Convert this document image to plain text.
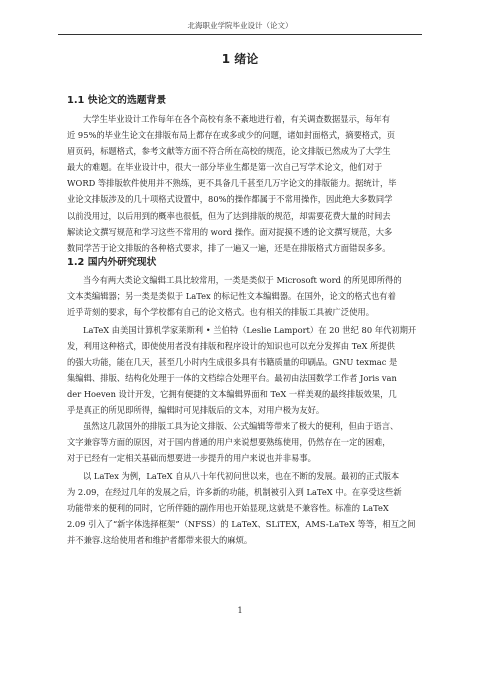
北海职业学院毕业设计（论文）
1 绪论
1.1 快论文的选题背景
大学生毕业设计工作每年在各个高校有条不紊地进行着，有关调查数据显示，每年有
近 95%的毕业生论文在排版布局上都存在或多或少的问题，诸如封面格式，摘要格式，页
眉页码，标题格式，参考文献等方面不符合所在高校的规范，论文排版已然成为了大学生
最大的难题。在毕业设计中，很大一部分毕业生都是第一次自己写学术论文，他们对于
WORD 等排版软件使用并不熟练，更不具备几千甚至几万字论文的排版能力。据统计，毕
业论文排版涉及的几十项格式设置中，80%的操作都属于不常用操作，因此绝大多数同学
以前没用过，以后用到的概率也很低，但为了达到排版的规范，却需要花费大量的时间去
解读论文撰写规范和学习这些不常用的 word 操作。面对捉摸不透的论文撰写规范，大多
数同学苦于论文排版的各种格式要求，排了一遍又一遍，还是在排版格式方面错误多多。
1.2 国内外研究现状
当今有两大类论文编辑工具比较常用，一类是类似于 Microsoft word 的所见即所得的
文本类编辑器；另一类是类似于 LaTex 的标记性文本编辑器。在国外，论文的格式也有着
近乎苛刻的要求，每个学校都有自己的论文格式。也有相关的排版工具被广泛使用。
LaTeX 由美国计算机学家莱斯利 • 兰伯特（Leslie Lamport）在 20 世纪 80 年代初期开
发，利用这种格式，即使使用者没有排版和程序设计的知识也可以充分发挥由 TeX 所提供
的强大功能，能在几天，甚至几小时内生成很多具有书籍质量的印刷品。GNU texmac 是
集编辑、排版、结构化处理于一体的文档综合处理平台。最初由法国数学工作者 Joris van
der Hoeven 设计开发，它拥有便捷的文本编辑界面和 TeX 一样美观的最终排版效果，几
乎是真正的所见即所得，编辑时可见排版后的文本，对用户极为友好。
虽然这几款国外的排版工具为论文排版、公式编辑等带来了极大的便利，但由于语言、
文字兼容等方面的原因，对于国内普通的用户来说想要熟练使用，仍然存在一定的困难，
对于已经有一定相关基础而想要进一步提升的用户来说也并非易事。
以 LaTex 为例，LaTeX 自从八十年代初问世以来，也在不断的发展。最初的正式版本
为 2.09，在经过几年的发展之后，许多新的功能，机制被引入到 LaTeX 中。在享受这些新
功能带来的便利的同时，它所伴随的副作用也开始显现,这就是不兼容性。标准的 LaTeX
2.09 引入了“新字体选择框架”（NFSS）的 LaTeX、SLiTEX，AMS-LaTeX 等等，相互之间
并不兼容.这给使用者和维护者都带来很大的麻烦。
1
